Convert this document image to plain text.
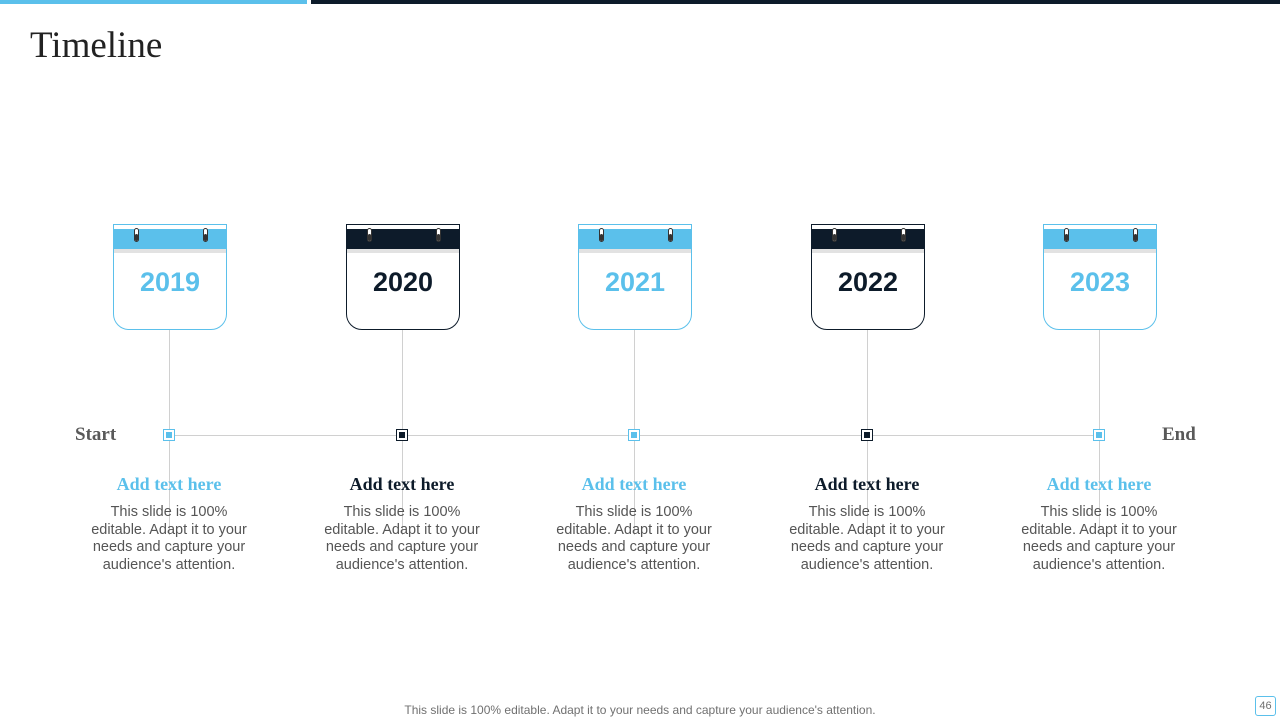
Timeline
Start	End
2019
Add text here
This slide is 100% editable. Adapt it to your needs and capture your audience's attention.
2020
Add text here
This slide is 100% editable. Adapt it to your needs and capture your audience's attention.
2021
Add text here
This slide is 100% editable. Adapt it to your needs and capture your audience's attention.
2022
Add text here
This slide is 100% editable. Adapt it to your needs and capture your audience's attention.
2023
Add text here
This slide is 100% editable. Adapt it to your needs and capture your audience's attention.
This slide is 100% editable. Adapt it to your needs and capture your audience's attention.	46
